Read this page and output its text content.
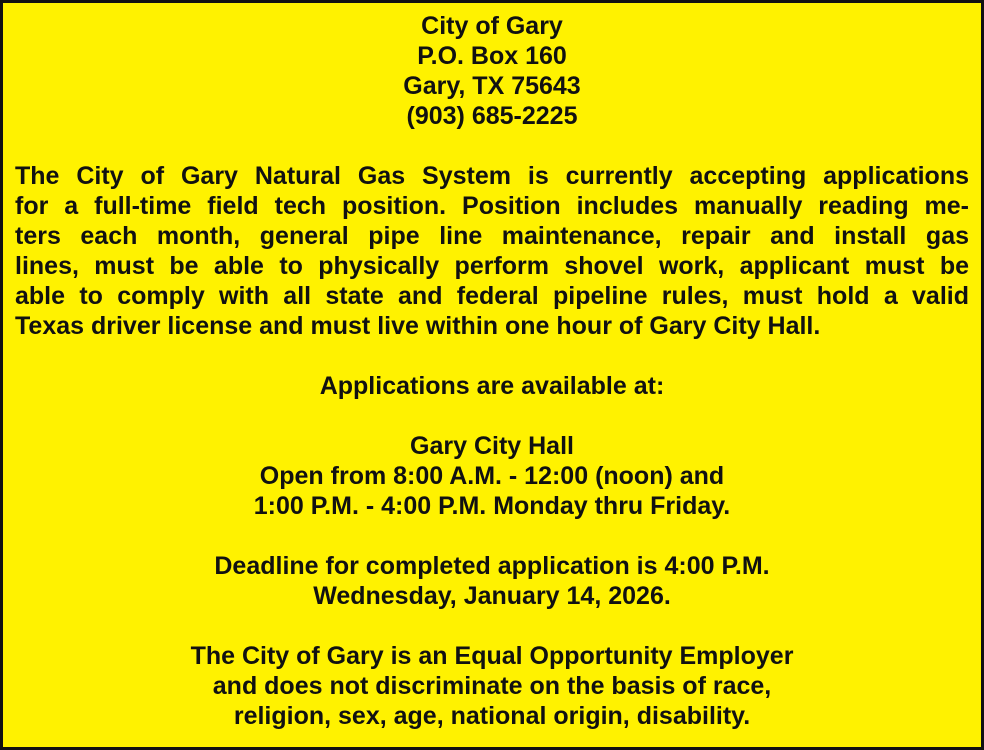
City of Gary
P.O. Box 160
Gary, TX 75643
(903) 685-2225
The City of Gary Natural Gas System is currently accepting applications
for a full-time field tech position. Position includes manually reading me-
ters each month, general pipe line maintenance, repair and install gas
lines, must be able to physically perform shovel work, applicant must be
able to comply with all state and federal pipeline rules, must hold a valid
Texas driver license and must live within one hour of Gary City Hall.
Applications are available at:
Gary City Hall
Open from 8:00 A.M. - 12:00 (noon) and
1:00 P.M. - 4:00 P.M. Monday thru Friday.
Deadline for completed application is 4:00 P.M.
Wednesday, January 14, 2026.
The City of Gary is an Equal Opportunity Employer
and does not discriminate on the basis of race,
religion, sex, age, national origin, disability.
